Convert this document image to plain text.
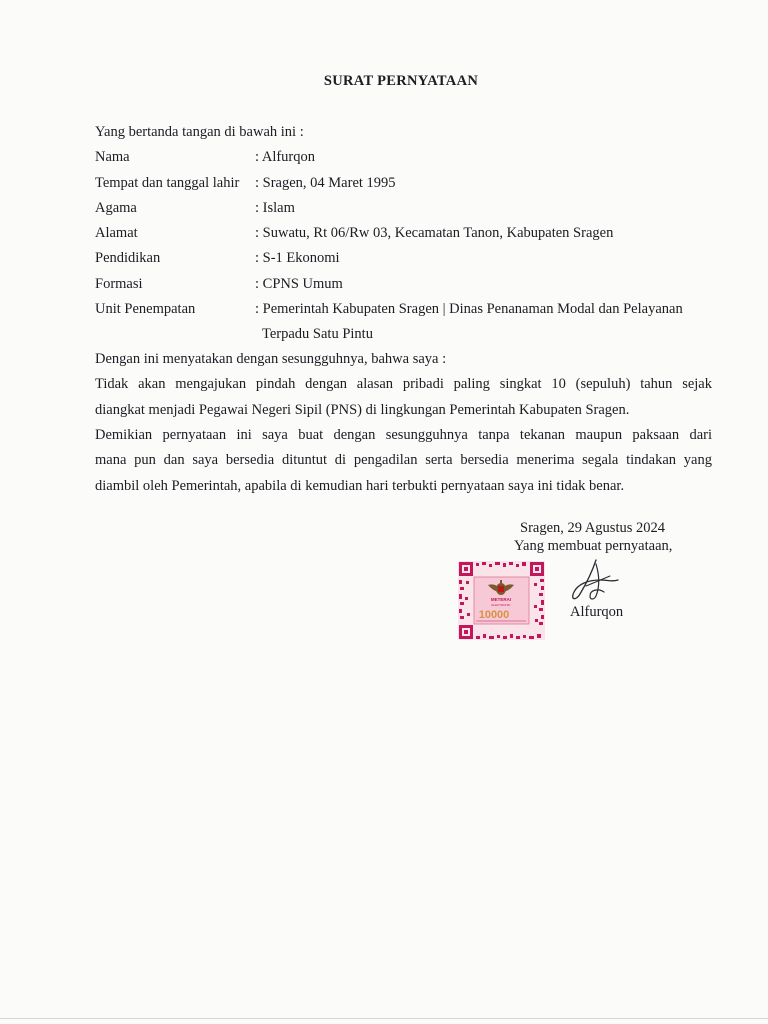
SURAT PERNYATAAN
Yang bertanda tangan di bawah ini :
Nama	: Alfurqon
Tempat dan tanggal lahir : Sragen, 04 Maret 1995
Agama	: Islam
Alamat	: Suwatu, Rt 06/Rw 03, Kecamatan Tanon, Kabupaten Sragen
Pendidikan	: S-1 Ekonomi
Formasi	: CPNS Umum
Unit Penempatan	: Pemerintah Kabupaten Sragen | Dinas Penanaman Modal dan Pelayanan
Terpadu Satu Pintu
Dengan ini menyatakan dengan sesungguhnya, bahwa saya :
Tidak akan mengajukan pindah dengan alasan pribadi paling singkat 10 (sepuluh) tahun sejak
diangkat menjadi Pegawai Negeri Sipil (PNS) di lingkungan Pemerintah Kabupaten Sragen.
Demikian pernyataan ini saya buat dengan sesungguhnya tanpa tekanan maupun paksaan dari
mana pun dan saya bersedia dituntut di pengadilan serta bersedia menerima segala tindakan yang
diambil oleh Pemerintah, apabila di kemudian hari terbukti pernyataan saya ini tidak benar.
Sragen, 29 Agustus 2024
Yang membuat pernyataan,
METERAI
ELEKTRONIK
10000	Alfurqon
